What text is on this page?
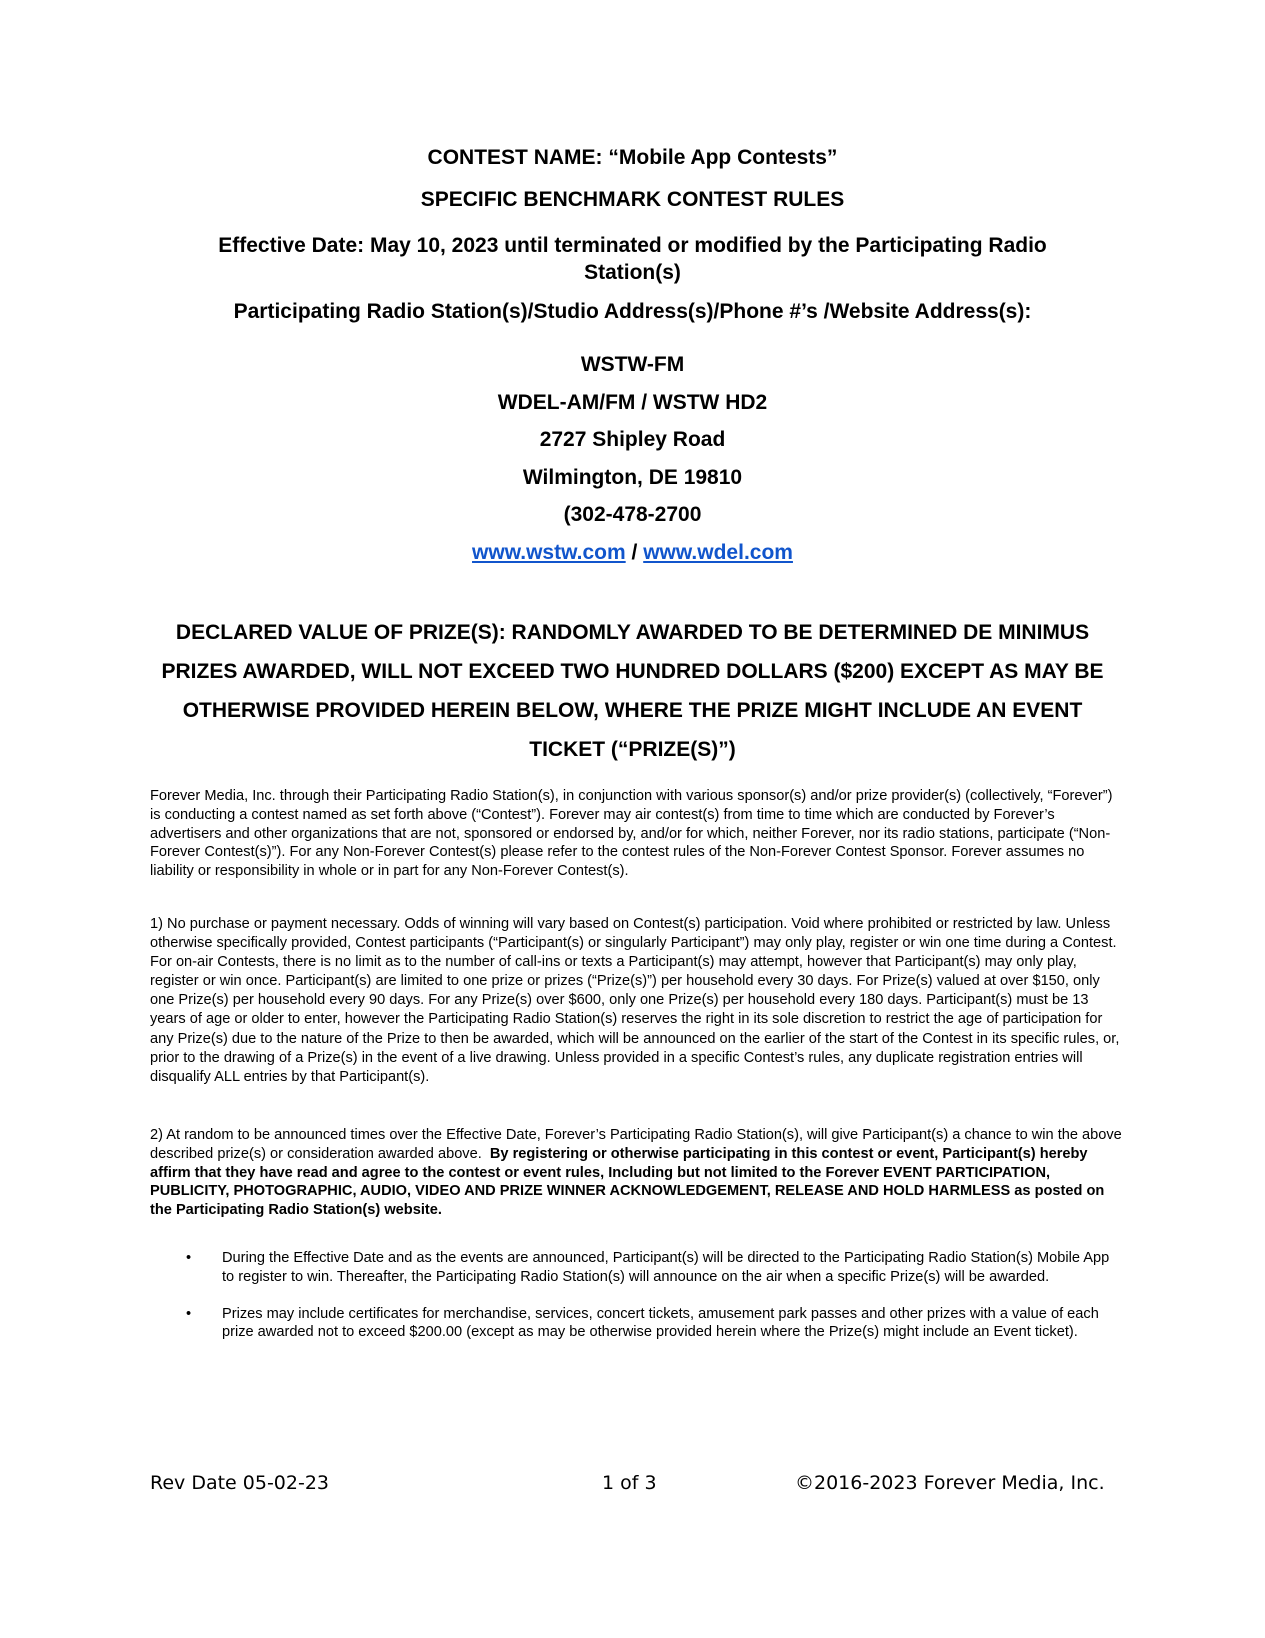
CONTEST NAME: “Mobile App Contests”

SPECIFIC BENCHMARK CONTEST RULES

Effective Date: May 10, 2023 until terminated or modified by the Participating Radio Station(s)

Participating Radio Station(s)/Studio Address(s)/Phone #’s /Website Address(s):

WSTW-FM

WDEL-AM/FM / WSTW HD2

2727 Shipley Road

Wilmington, DE 19810

(302-478-2700

www.wstw.com / www.wdel.com

DECLARED VALUE OF PRIZE(S): RANDOMLY AWARDED TO BE DETERMINED DE MINIMUS PRIZES AWARDED, WILL NOT EXCEED TWO HUNDRED DOLLARS ($200) EXCEPT AS MAY BE OTHERWISE PROVIDED HEREIN BELOW, WHERE THE PRIZE MIGHT INCLUDE AN EVENT TICKET (“PRIZE(S)”)

Forever Media, Inc. through their Participating Radio Station(s), in conjunction with various sponsor(s) and/or prize provider(s) (collectively, “Forever”) is conducting a contest named as set forth above (“Contest”). Forever may air contest(s) from time to time which are conducted by Forever’s advertisers and other organizations that are not, sponsored or endorsed by, and/or for which, neither Forever, nor its radio stations, participate (“Non-Forever Contest(s)”). For any Non-Forever Contest(s) please refer to the contest rules of the Non-Forever Contest Sponsor. Forever assumes no liability or responsibility in whole or in part for any Non-Forever Contest(s).

1) No purchase or payment necessary. Odds of winning will vary based on Contest(s) participation. Void where prohibited or restricted by law. Unless otherwise specifically provided, Contest participants (“Participant(s) or singularly Participant”) may only play, register or win one time during a Contest. For on-air Contests, there is no limit as to the number of call-ins or texts a Participant(s) may attempt, however that Participant(s) may only play, register or win once. Participant(s) are limited to one prize or prizes (“Prize(s)”) per household every 30 days. For Prize(s) valued at over $150, only one Prize(s) per household every 90 days. For any Prize(s) over $600, only one Prize(s) per household every 180 days. Participant(s) must be 13 years of age or older to enter, however the Participating Radio Station(s) reserves the right in its sole discretion to restrict the age of participation for any Prize(s) due to the nature of the Prize to then be awarded, which will be announced on the earlier of the start of the Contest in its specific rules, or, prior to the drawing of a Prize(s) in the event of a live drawing. Unless provided in a specific Contest’s rules, any duplicate registration entries will disqualify ALL entries by that Participant(s).

2) At random to be announced times over the Effective Date, Forever’s Participating Radio Station(s), will give Participant(s) a chance to win the above described prize(s) or consideration awarded above. By registering or otherwise participating in this contest or event, Participant(s) hereby affirm that they have read and agree to the contest or event rules, Including but not limited to the Forever EVENT PARTICIPATION, PUBLICITY, PHOTOGRAPHIC, AUDIO, VIDEO AND PRIZE WINNER ACKNOWLEDGEMENT, RELEASE AND HOLD HARMLESS as posted on the Participating Radio Station(s) website.

• During the Effective Date and as the events are announced, Participant(s) will be directed to the Participating Radio Station(s) Mobile App to register to win. Thereafter, the Participating Radio Station(s) will announce on the air when a specific Prize(s) will be awarded.
• Prizes may include certificates for merchandise, services, concert tickets, amusement park passes and other prizes with a value of each prize awarded not to exceed $200.00 (except as may be otherwise provided herein where the Prize(s) might include an Event ticket).
Rev Date 05-02-23	1 of 3	©2016-2023 Forever Media, Inc.
